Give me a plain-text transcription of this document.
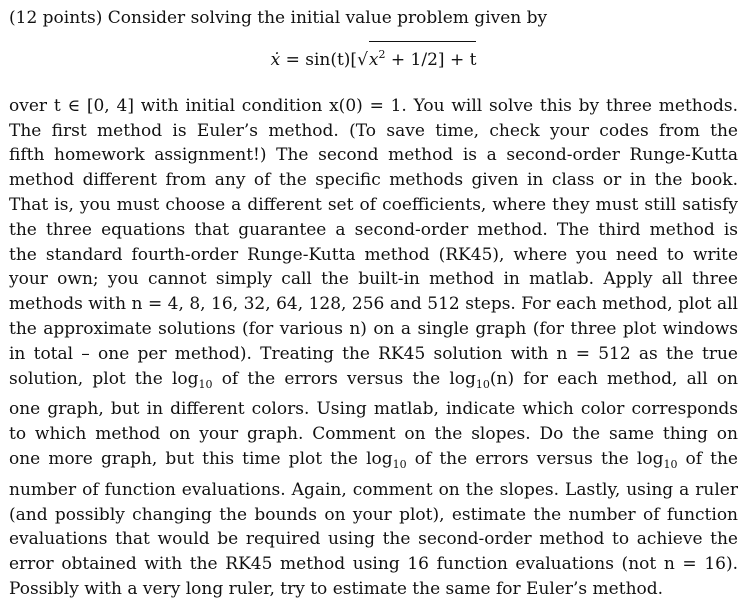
(12 points) Consider solving the initial value problem given by
ẋ = $\sin(t)[√x^2 + 1/2] + t$
over t ∈ [0, 4] with initial condition x(0) = 1. You will solve this by three methods.
The first method is Euler’s method. (To save time, check your codes from the
fifth homework assignment!) The second method is a second-order Runge-Kutta
method different from any of the specific methods given in class or in the book.
That is, you must choose a different set of coefficients, where they must still satisfy
the three equations that guarantee a second-order method. The third method is
the standard fourth-order Runge-Kutta method (RK45), where you need to write
your own; you cannot simply call the built-in method in matlab. Apply all three
methods with n = 4, 8, 16, 32, 64, 128, 256 and 512 steps. For each method, plot all
the approximate solutions (for various n) on a single graph (for three plot windows
in total – one per method). Treating the RK45 solution with n = 512 as the true
solution, plot the $\log_{10}$ of the errors versus the $\log_{10}(n)$ for each method, all on
one graph, but in different colors. Using matlab, indicate which color corresponds
to which method on your graph. Comment on the slopes. Do the same thing on
one more graph, but this time plot the $\log_{10}$ of the errors versus the $\log_{10}$ of the
number of function evaluations. Again, comment on the slopes. Lastly, using a ruler
(and possibly changing the bounds on your plot), estimate the number of function
evaluations that would be required using the second-order method to achieve the
error obtained with the RK45 method using 16 function evaluations (not n = 16).
Possibly with a very long ruler, try to estimate the same for Euler’s method.
